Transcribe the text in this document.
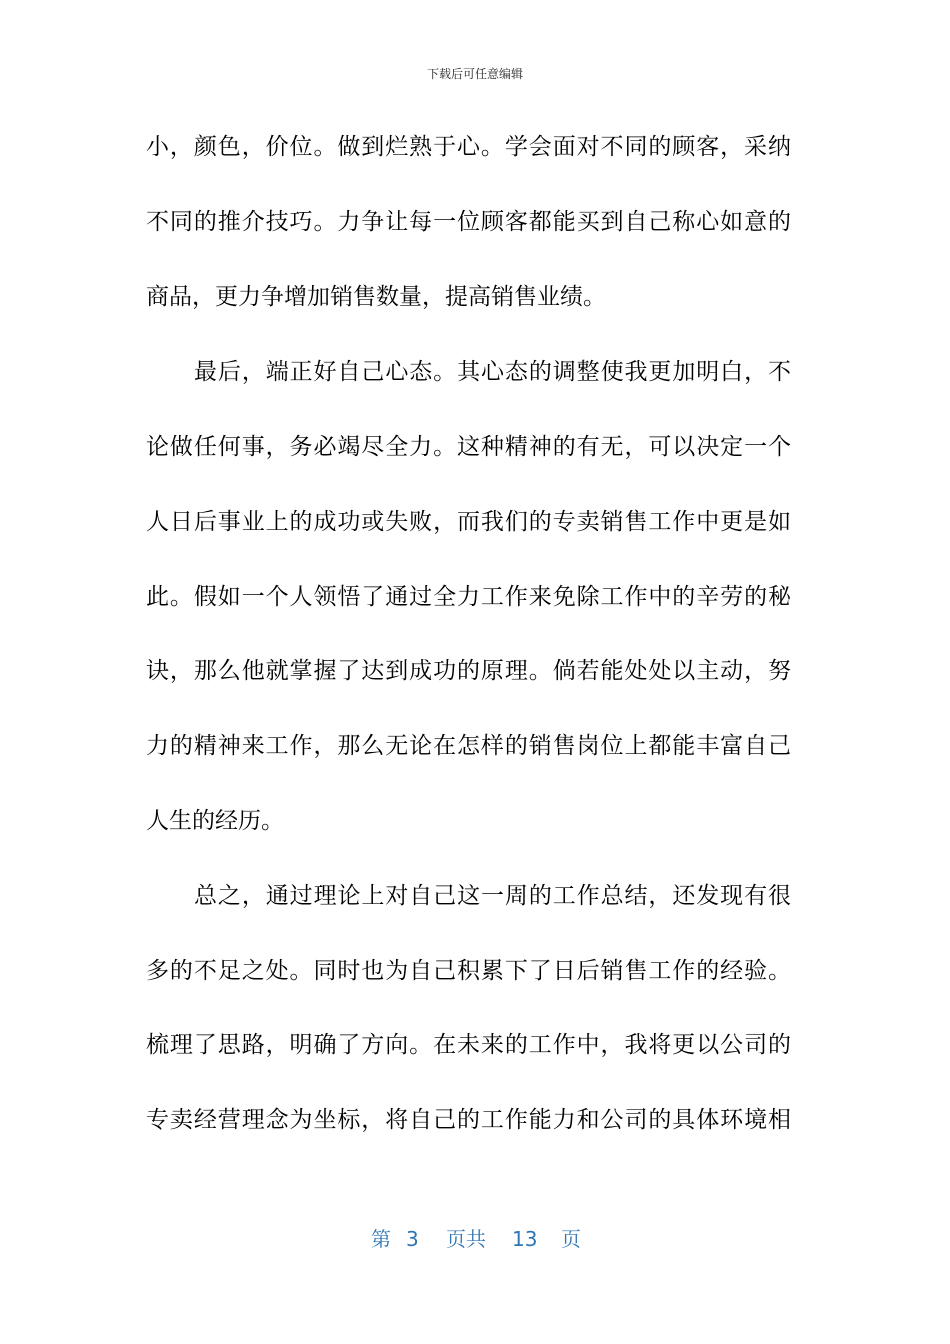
下载后可任意编辑
小，颜色，价位。做到烂熟于心。学会面对不同的顾客，采纳
不同的推介技巧。力争让每一位顾客都能买到自己称心如意的
商品，更力争增加销售数量，提高销售业绩。
最后，端正好自己心态。其心态的调整使我更加明白，不
论做任何事，务必竭尽全力。这种精神的有无，可以决定一个
人日后事业上的成功或失败，而我们的专卖销售工作中更是如
此。假如一个人领悟了通过全力工作来免除工作中的辛劳的秘
诀，那么他就掌握了达到成功的原理。倘若能处处以主动，努
力的精神来工作，那么无论在怎样的销售岗位上都能丰富自己
人生的经历。
总之，通过理论上对自己这一周的工作总结，还发现有很
多的不足之处。同时也为自己积累下了日后销售工作的经验。
梳理了思路，明确了方向。在未来的工作中，我将更以公司的
专卖经营理念为坐标，将自己的工作能力和公司的具体环境相
第 3 页共 13 页
